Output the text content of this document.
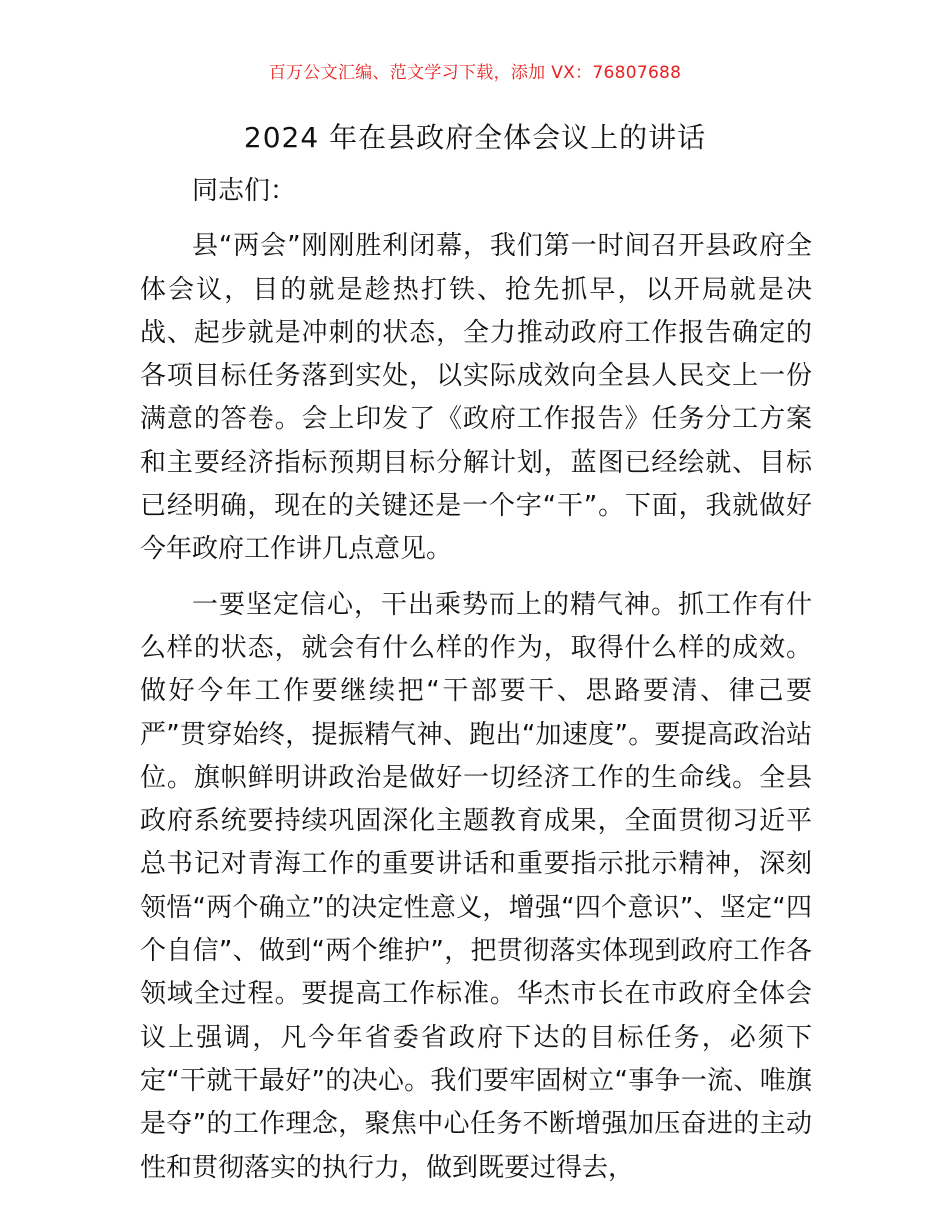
百万公文汇编、范文学习下载，添加 VX：76807688
2024 年在县政府全体会议上的讲话

同志们：

县“两会”刚刚胜利闭幕，我们第一时间召开县政府全体会议，目的就是趁热打铁、抢先抓早，以开局就是决战、起步就是冲刺的状态，全力推动政府工作报告确定的各项目标任务落到实处，以实际成效向全县人民交上一份满意的答卷。会上印发了《政府工作报告》任务分工方案和主要经济指标预期目标分解计划，蓝图已经绘就、目标已经明确，现在的关键还是一个字“干”。下面，我就做好今年政府工作讲几点意见。

一要坚定信心，干出乘势而上的精气神。抓工作有什么样的状态，就会有什么样的作为，取得什么样的成效。做好今年工作要继续把“干部要干、思路要清、律己要严”贯穿始终，提振精气神、跑出“加速度”。要提高政治站位。旗帜鲜明讲政治是做好一切经济工作的生命线。全县政府系统要持续巩固深化主题教育成果，全面贯彻习近平总书记对青海工作的重要讲话和重要指示批示精神，深刻领悟“两个确立”的决定性意义，增强“四个意识”、坚定“四个自信”、做到“两个维护”，把贯彻落实体现到政府工作各领域全过程。要提高工作标准。华杰市长在市政府全体会议上强调，凡今年省委省政府下达的目标任务，必须下定“干就干最好”的决心。我们要牢固树立“事争一流、唯旗是夺”的工作理念，聚焦中心任务不断增强加压奋进的主动性和贯彻落实的执行力，做到既要过得去，
